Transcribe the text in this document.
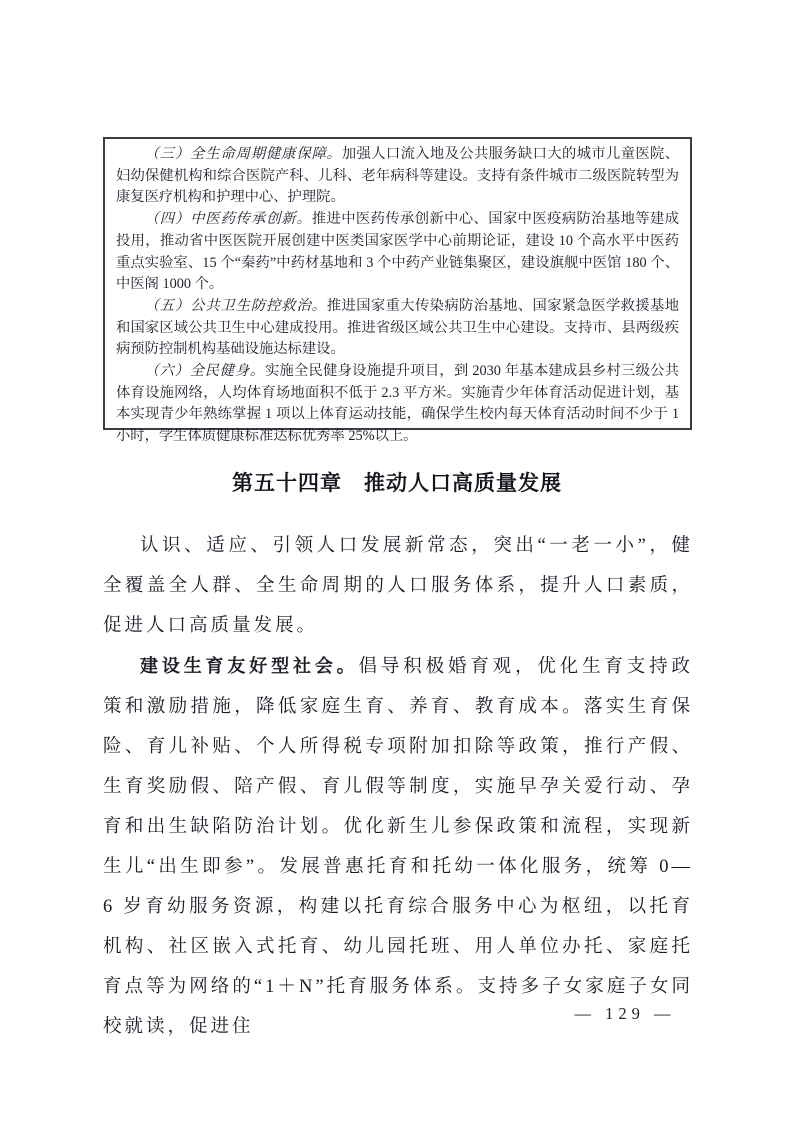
（三）全生命周期健康保障。加强人口流入地及公共服务缺口大的城市儿童医院、妇幼保健机构和综合医院产科、儿科、老年病科等建设。支持有条件城市二级医院转型为康复医疗机构和护理中心、护理院。

（四）中医药传承创新。推进中医药传承创新中心、国家中医疫病防治基地等建成投用，推动省中医医院开展创建中医类国家医学中心前期论证，建设 10 个高水平中医药重点实验室、15 个“秦药”中药材基地和 3 个中药产业链集聚区，建设旗舰中医馆 180 个、中医阁 1000 个。

（五）公共卫生防控救治。推进国家重大传染病防治基地、国家紧急医学救援基地和国家区域公共卫生中心建成投用。推进省级区域公共卫生中心建设。支持市、县两级疾病预防控制机构基础设施达标建设。

（六）全民健身。实施全民健身设施提升项目，到 2030 年基本建成县乡村三级公共体育设施网络，人均体育场地面积不低于 2.3 平方米。实施青少年体育活动促进计划，基本实现青少年熟练掌握 1 项以上体育运动技能，确保学生校内每天体育活动时间不少于 1 小时，学生体质健康标准达标优秀率 25%以上。

第五十四章　推动人口高质量发展

认识、适应、引领人口发展新常态，突出“一老一小”，健全覆盖全人群、全生命周期的人口服务体系，提升人口素质，促进人口高质量发展。

建设生育友好型社会。倡导积极婚育观，优化生育支持政策和激励措施，降低家庭生育、养育、教育成本。落实生育保险、育儿补贴、个人所得税专项附加扣除等政策，推行产假、生育奖励假、陪产假、育儿假等制度，实施早孕关爱行动、孕育和出生缺陷防治计划。优化新生儿参保政策和流程，实现新生儿“出生即参”。发展普惠托育和托幼一体化服务，统筹 0—6 岁育幼服务资源，构建以托育综合服务中心为枢纽，以托育机构、社区嵌入式托育、幼儿园托班、用人单位办托、家庭托育点等为网络的“1＋N”托育服务体系。支持多子女家庭子女同校就读，促进住

— 129 —
